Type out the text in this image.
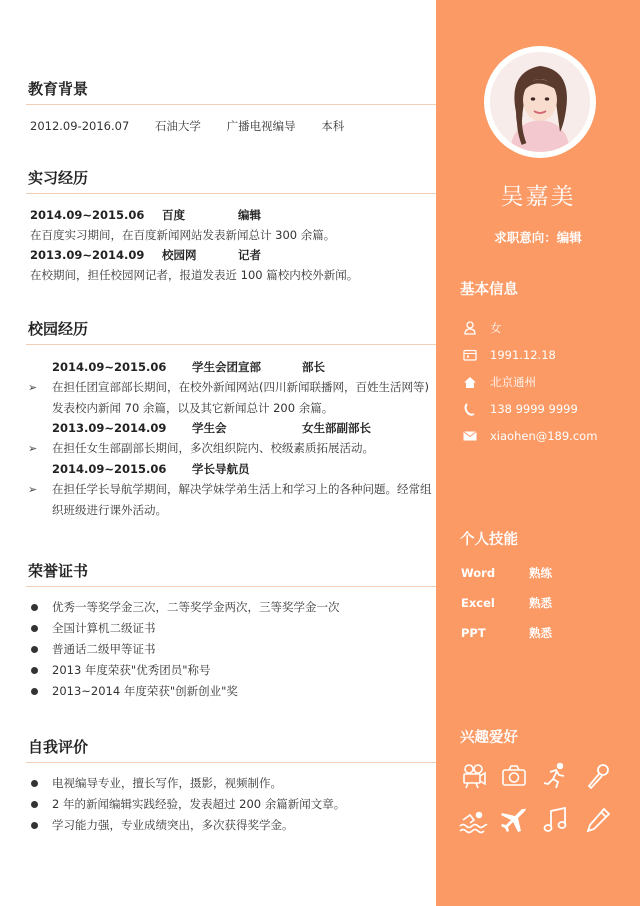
教育背景
2012.09-2016.07 石油大学 广播电视编导 本科
实习经历
2014.09~2015.06 百度	编辑
在百度实习期间，在百度新闻网站发表新闻总计 300 余篇。
2013.09~2014.09 校园网	记者
在校期间，担任校园网记者，报道发表近 100 篇校内校外新闻。
校园经历
2014.09~2015.06 学生会团宣部	部长
➢ 在担任团宣部部长期间，在校外新闻网站(四川新闻联播网，百姓生活网等)
发表校内新闻 70 余篇，以及其它新闻总计 200 余篇。
2013.09~2014.09 学生会	女生部副部长
➢ 在担任女生部副部长期间，多次组织院内、校级素质拓展活动。
2014.09~2015.06 学长导航员
➢ 在担任学长导航学期间，解决学妹学弟生活上和学习上的各种问题。经常组
织班级进行课外活动。
荣誉证书
优秀一等奖学金三次，二等奖学金两次，三等奖学金一次
全国计算机二级证书
普通话二级甲等证书
2013 年度荣获"优秀团员"称号
2013~2014 年度荣获"创新创业"奖
自我评价
电视编导专业，擅长写作，摄影，视频制作。
2 年的新闻编辑实践经验，发表超过 200 余篇新闻文章。
学习能力强，专业成绩突出，多次获得奖学金。
吴嘉美
求职意向：编辑
基本信息
女
1991.12.18
北京通州
138 9999 9999
xiaohen@189.com
个人技能
Word	熟练
Excel	熟悉
PPT	熟悉
兴趣爱好
